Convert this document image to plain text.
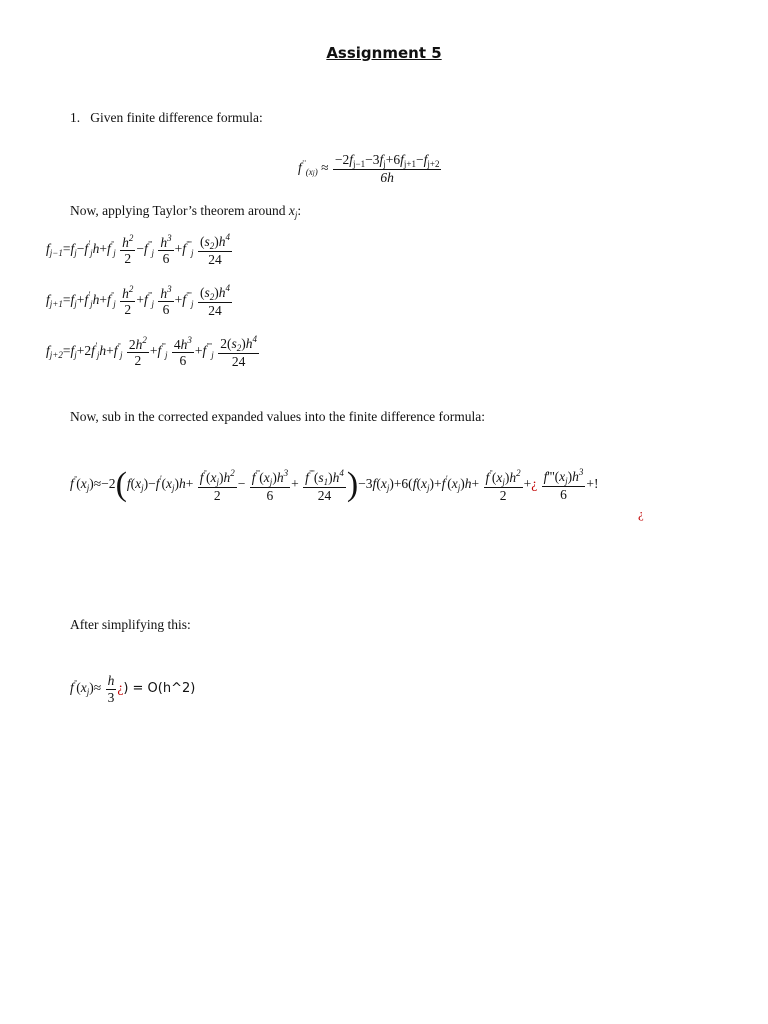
Assignment 5
1. Given finite difference formula:
$f^{\cdot\cdot}_{(xj)} \approx \frac{-2f_{j-1}-3f_j+6f_{j+1}-f_{j+2}}{6h}$
Now, applying Taylor’s theorem around $x_j$:
$f_{j-1}=f_j-f'_jh+f^{\cdot\cdot}_j \frac{h^2}{2} -f^{\cdot\cdot\cdot}_j \frac{h^3}{6} +f^{\cdot\cdot\cdot\cdot}_j \frac{(s_2)h^4}{24}$
$f_{j+1}=f_j+f'_jh+f^{\cdot\cdot}_j \frac{h^2}{2} +f^{\cdot\cdot\cdot}_j \frac{h^3}{6} +f^{\cdot\cdot\cdot\cdot}_j \frac{(s_2)h^4}{24}$
$f_{j+2}=f_j+2f'_jh+f^{\cdot\cdot}_j \frac{2h^2}{2} +f^{\cdot\cdot\cdot}_j \frac{4h^3}{6} +f^{\cdot\cdot\cdot\cdot}_j \frac{2(s_2)h^4}{24}$
Now, sub in the corrected expanded values into the finite difference formula:
$f^{\cdot\cdot}(x_j)\approx-2(f(x_j)-f'(x_j)h+ \frac{f^{\cdot\cdot}(x_j)h^2}{2} - \frac{f^{\cdot\cdot\cdot}(x_j)h^3}{6} + \frac{f^{\cdot\cdot\cdot\cdot}(s_1)h^4}{24} )-3f(x_j)+6(f(x_j)+f'(x_j)h+ \frac{f^{\cdot\cdot}(x_j)h^2}{2}$ +¿ $\frac{f'''(x_j)h^3}{6}$ +!
¿
After simplifying this:
$f^{\cdot\cdot}(x_j)\approx \frac{h}{3}$ ¿) = O(h^2)
